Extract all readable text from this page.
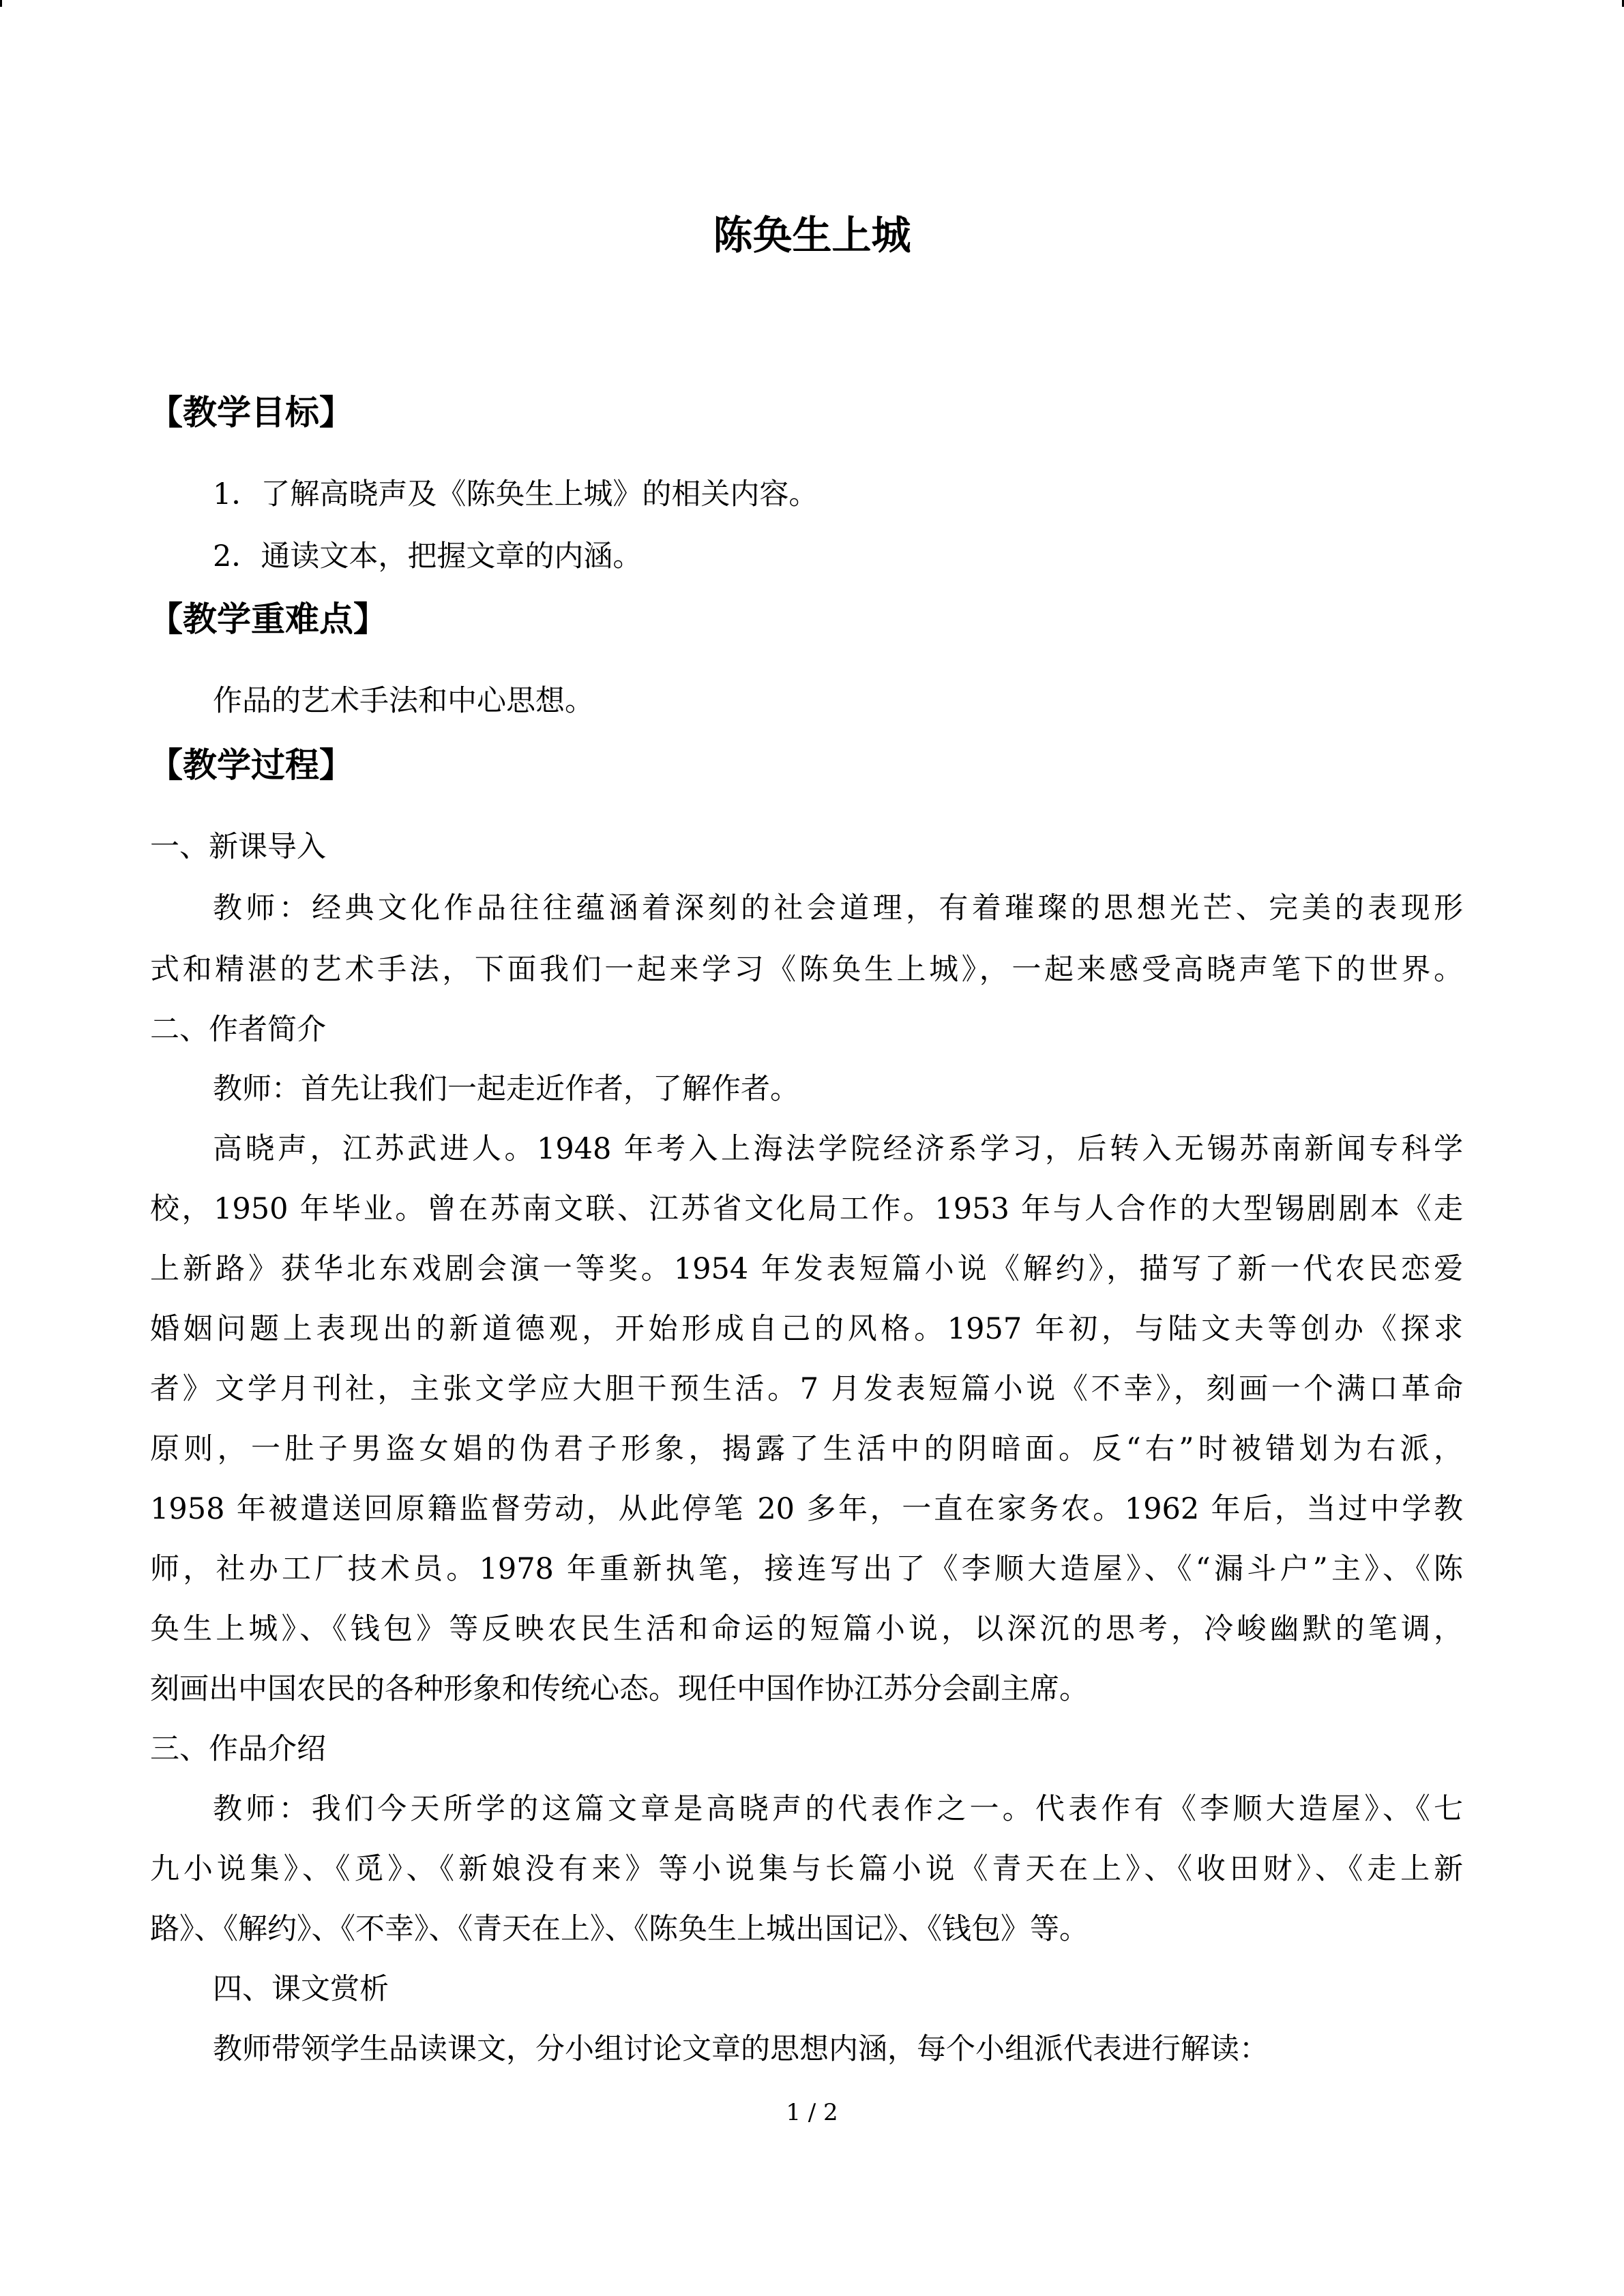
陈奂生上城
【教学目标】
1．了解高晓声及《陈奂生上城》的相关内容。
2．通读文本，把握文章的内涵。
【教学重难点】
作品的艺术手法和中心思想。
【教学过程】
一、新课导入
教师：经典文化作品往往蕴涵着深刻的社会道理，有着璀璨的思想光芒、完美的表现形
式和精湛的艺术手法，下面我们一起来学习《陈奂生上城》，一起来感受高晓声笔下的世界。
二、作者简介
教师：首先让我们一起走近作者，了解作者。
高晓声，江苏武进人。1948 年考入上海法学院经济系学习，后转入无锡苏南新闻专科学
校，1950 年毕业。曾在苏南文联、江苏省文化局工作。1953 年与人合作的大型锡剧剧本《走
上新路》获华北东戏剧会演一等奖。1954 年发表短篇小说《解约》，描写了新一代农民恋爱
婚姻问题上表现出的新道德观，开始形成自己的风格。1957 年初，与陆文夫等创办《探求
者》文学月刊社，主张文学应大胆干预生活。7 月发表短篇小说《不幸》，刻画一个满口革命
原则，一肚子男盗女娼的伪君子形象，揭露了生活中的阴暗面。反“右”时被错划为右派，
1958 年被遣送回原籍监督劳动，从此停笔 20 多年，一直在家务农。1962 年后，当过中学教
师，社办工厂技术员。1978 年重新执笔，接连写出了《李顺大造屋》、《“漏斗户”主》、《陈
奂生上城》、《钱包》等反映农民生活和命运的短篇小说，以深沉的思考，冷峻幽默的笔调，
刻画出中国农民的各种形象和传统心态。现任中国作协江苏分会副主席。
三、作品介绍
教师：我们今天所学的这篇文章是高晓声的代表作之一。代表作有《李顺大造屋》、《七
九小说集》、《觅》、《新娘没有来》等小说集与长篇小说《青天在上》、《收田财》、《走上新
路》、《解约》、《不幸》、《青天在上》、《陈奂生上城出国记》、《钱包》等。
四、课文赏析
教师带领学生品读课文，分小组讨论文章的思想内涵，每个小组派代表进行解读：
1 / 2
